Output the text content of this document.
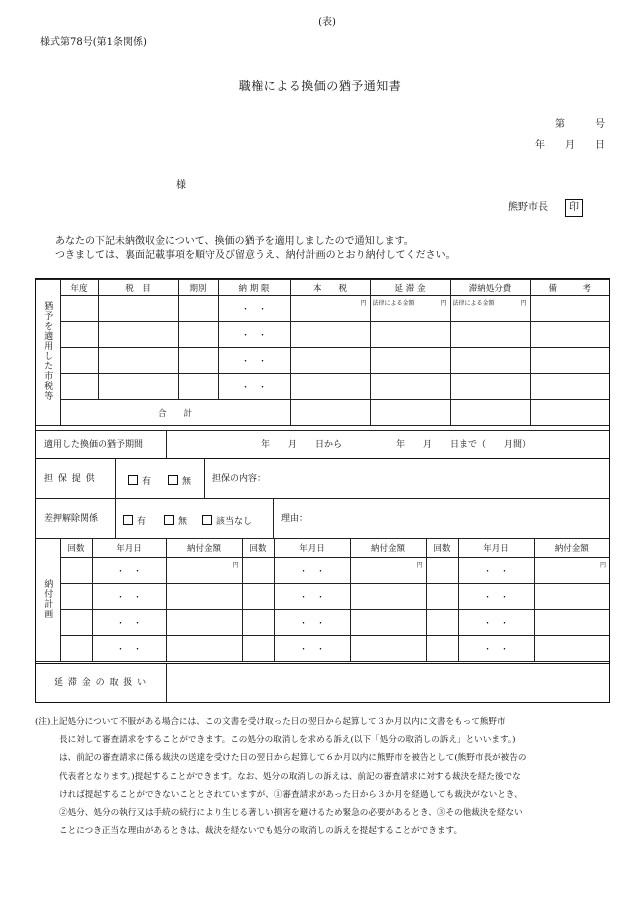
(表)
様式第78号(第1条関係)
職権による換価の猶予通知書
第　　　号
年　　月　　日
様
熊野市長	印
あなたの下記未納徴収金について、換価の猶予を適用しましたので通知します。
つきましては、裏面記載事項を順守及び留意うえ、納付計画のとおり納付してください。
猶予を適用した市税等	年度	税　目	期別	納 期 限	本　　税	延 滞 金	滞納処分費	備　　　考
				・　・	円	法律による金額 円	法律による金額 円	

				・　・				
				・　・				
				・　・				
	合　　計							
適用した換価の猶予期間	年　　月　　日から　　　　　　年　　月　　日まで（　　月間）
担 保 提 供	有	無 担保の内容：
差押解除関係	有	無	該当なし	理由：
納付計画	回数	年月日	納付金額	回数	年月日	納付金額	回数	年月日	納付金額
		・　・	円		・　・	円		・　・	円

		・　・			・　・			・　・	
		・　・			・　・			・　・	
		・　・			・　・			・　・	
延 滞 金 の 取 扱 い
(注)上記処分について不服がある場合には、この文書を受け取った日の翌日から起算して３か月以内に文書をもって熊野市
長に対して審査請求をすることができます。この処分の取消しを求める訴え(以下「処分の取消しの訴え」といいます。)
は、前記の審査請求に係る裁決の送達を受けた日の翌日から起算して６か月以内に熊野市を被告として(熊野市長が被告の
代表者となります。)提起することができます。なお、処分の取消しの訴えは、前記の審査請求に対する裁決を経た後でな
ければ提起することができないこととされていますが、①審査請求があった日から３か月を経過しても裁決がないとき、
②処分、処分の執行又は手続の続行により生じる著しい損害を避けるため緊急の必要があるとき、③その他裁決を経ない
ことにつき正当な理由があるときは、裁決を経ないでも処分の取消しの訴えを提起することができます。
